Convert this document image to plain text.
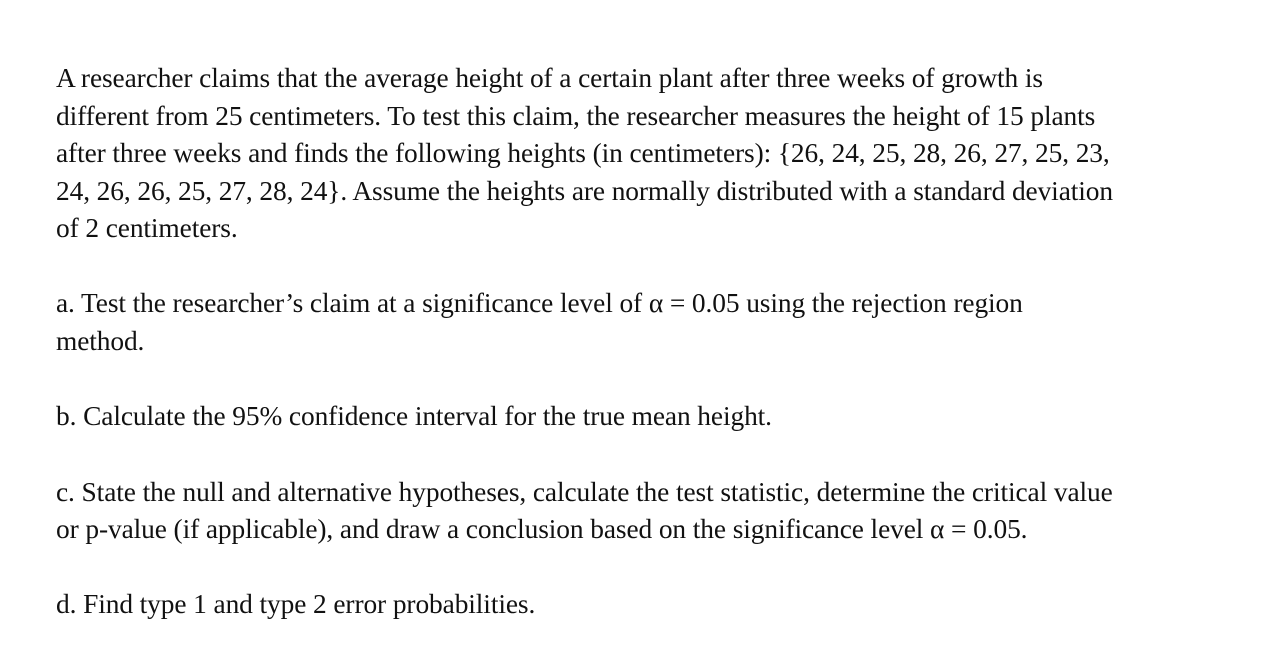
A researcher claims that the average height of a certain plant after three weeks of growth is
different from 25 centimeters. To test this claim, the researcher measures the height of 15 plants
after three weeks and finds the following heights (in centimeters): {26, 24, 25, 28, 26, 27, 25, 23,
24, 26, 26, 25, 27, 28, 24}. Assume the heights are normally distributed with a standard deviation
of 2 centimeters.

a. Test the researcher’s claim at a significance level of α = 0.05 using the rejection region
method.

b. Calculate the 95% confidence interval for the true mean height.

c. State the null and alternative hypotheses, calculate the test statistic, determine the critical value
or p-value (if applicable), and draw a conclusion based on the significance level α = 0.05.

d. Find type 1 and type 2 error probabilities.
